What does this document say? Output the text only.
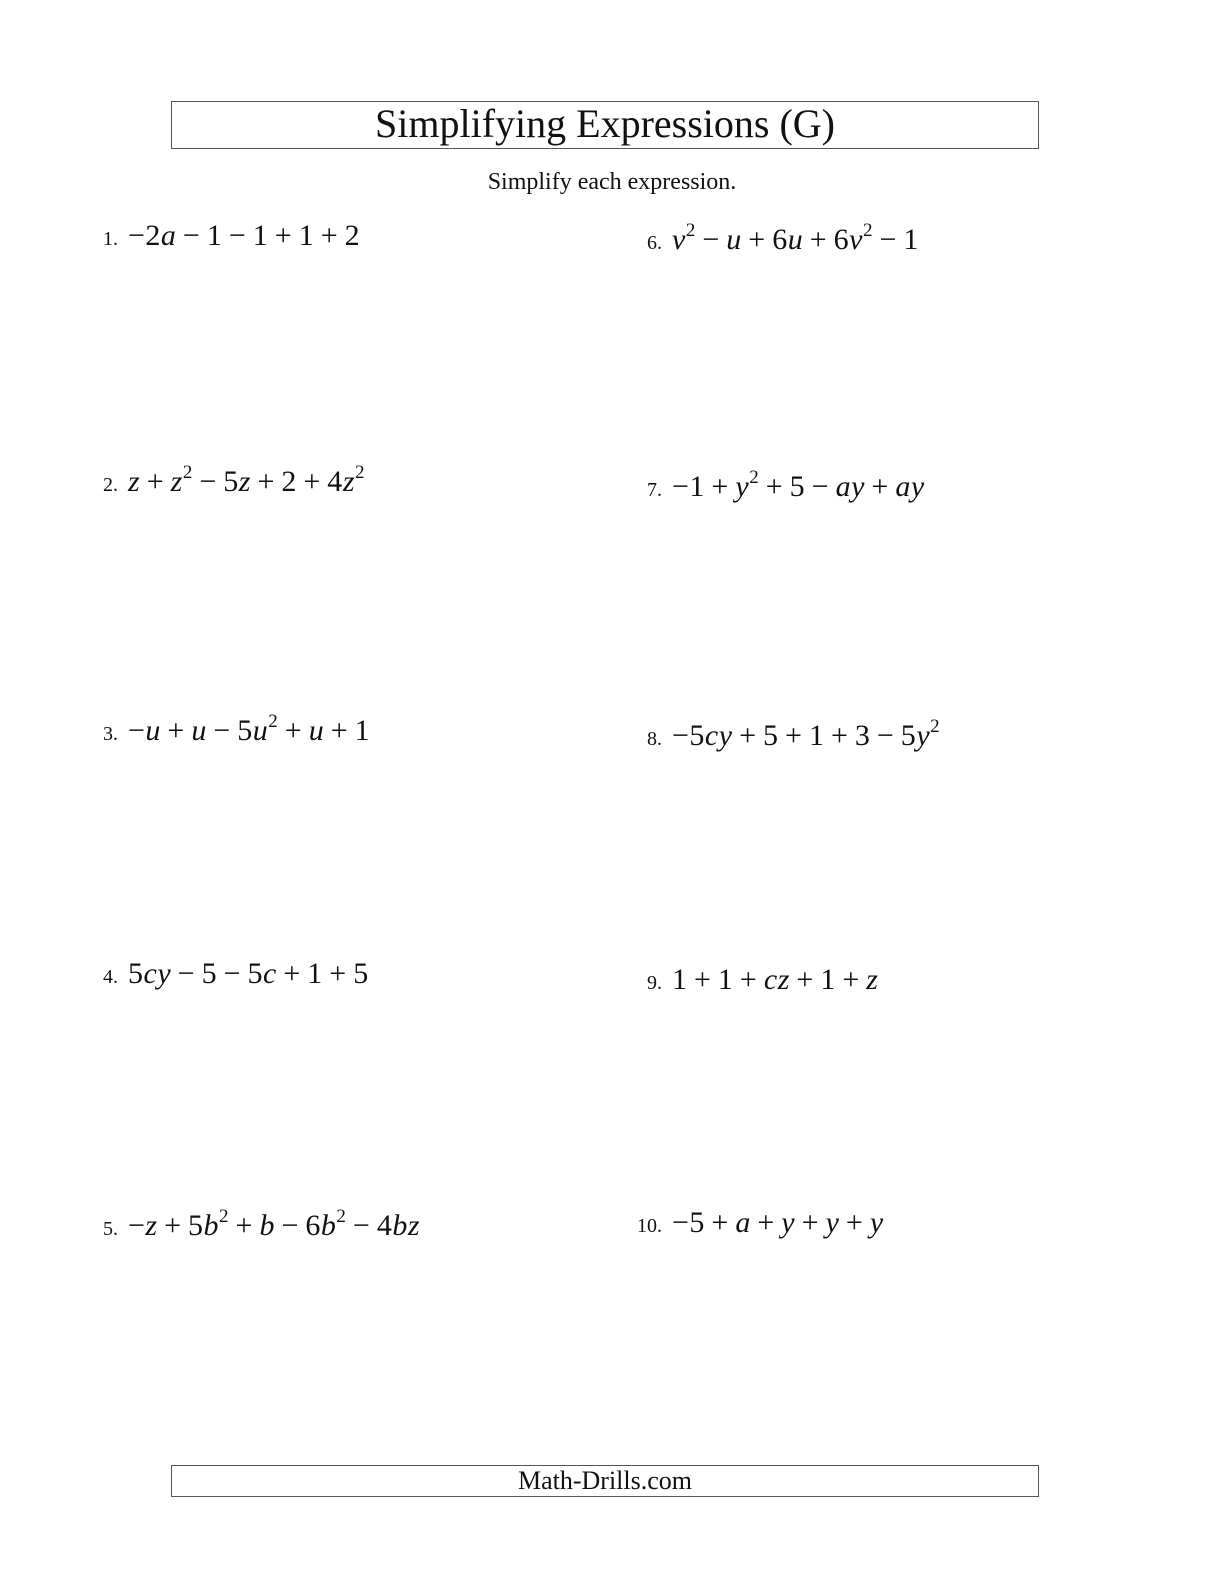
Simplifying Expressions (G)
Simplify each expression.
1. −2a − 1 − 1 + 1 + 2
2. $z + z^2 - 5z + 2 + 4z^2$
3. $-u + u - 5u^2 + u + 1$
4. 5cy − 5 − 5c + 1 + 5
5. $-z + 5b^2 + b - 6b^2 - 4bz$
6. $v^2 - u + 6u + 6v^2 - 1$
7. $-1 + y^2 + 5$ − ay + ay
8. $-5cy + 5 + 1 + 3 - 5y^2$
9. 1 + 1 + cz + 1 + z
10. −5 + a + y + y + y
Math-Drills.com
